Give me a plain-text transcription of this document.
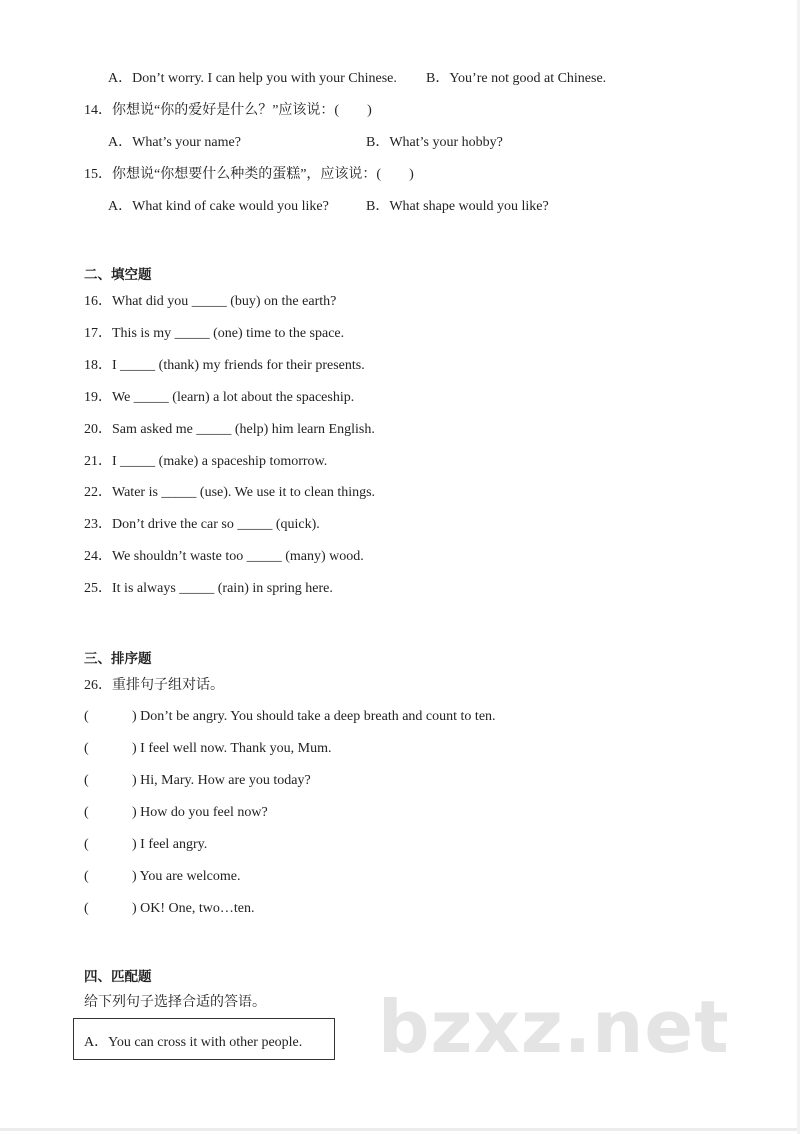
A．Don’t worry. I can help you with your Chinese. B．You’re not good at Chinese.
14．你想说“你的爱好是什么？”应该说：(　　)
A．What’s your name?	B．What’s your hobby?
15．你想说“你想要什么种类的蛋糕”，应该说：(　　)
A．What kind of cake would you like?	B．What shape would you like?
二、填空题
16．What did you _____ (buy) on the earth?
17．This is my _____ (one) time to the space.
18．I _____ (thank) my friends for their presents.
19．We _____ (learn) a lot about the spaceship.
20．Sam asked me _____ (help) him learn English.
21．I _____ (make) a spaceship tomorrow.
22．Water is _____ (use). We use it to clean things.
23．Don’t drive the car so _____ (quick).
24．We shouldn’t waste too _____ (many) wood.
25．It is always _____ (rain) in spring here.
三、排序题
26．重排句子组对话。
(	) Don’t be angry. You should take a deep breath and count to ten.
(	) I feel well now. Thank you, Mum.
(	) Hi, Mary. How are you today?
(	) How do you feel now?
(	) I feel angry.
(	) You are welcome.
(	) OK! One, two…ten.
四、匹配题
给下列句子选择合适的答语。
A．You can cross it with other people.	bzxz.net
